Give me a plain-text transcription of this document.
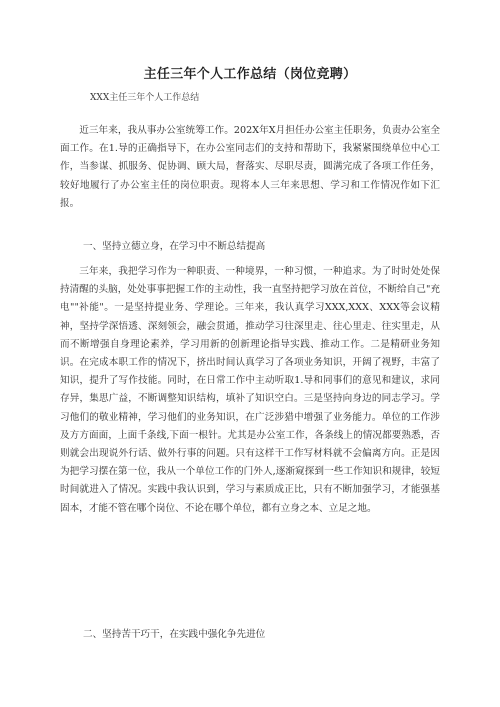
主任三年个人工作总结（岗位竞聘）
XXX主任三年个人工作总结

近三年来，我从事办公室统筹工作。202X年X月担任办公室主任职务，负责办公室全面工作。在1.导的正确指导下，在办公室同志们的支持和帮助下，我紧紧围绕单位中心工作，当参谋、抓服务、促协调、顾大局，督落实、尽职尽责，圆满完成了各项工作任务，较好地履行了办公室主任的岗位职责。现将本人三年来思想、学习和工作情况作如下汇报。

一、坚持立德立身，在学习中不断总结提高

三年来，我把学习作为一种职责、一种境界，一种习惯，一种追求。为了时时处处保持清醒的头脑，处处事事把握工作的主动性，我一直坚持把学习放在首位，不断给自己"充电""补能"。一是坚持提业务、学理论。三年来，我认真学习XXX,XXX、XXX等会议精神，坚持学深悟透、深刻领会，融会贯通，推动学习往深里走、往心里走、往实里走，从而不断增强自身理论素养，学习用新的创新理论指导实践、推动工作。二是精研业务知识。在完成本职工作的情况下，挤出时间认真学习了各项业务知识，开阔了视野，丰富了知识，提升了写作技能。同时，在日常工作中主动听取1.导和同事们的意见和建议，求同存异，集思广益，不断调整知识结构，填补了知识空白。三是坚持向身边的同志学习。学习他们的敬业精神，学习他们的业务知识，在广泛涉猎中增强了业务能力。单位的工作涉及方方面面，上面千条线,下面一根针。尤其是办公室工作，各条线上的情况都要熟悉，否则就会出现说外行话、做外行事的问题。只有这样干工作写材料就不会偏离方向。正是因为把学习摆在第一位，我从一个单位工作的门外人,逐渐窥探到一些工作知识和规律，较短时间就进入了情况。实践中我认识到，学习与素质成正比，只有不断加强学习，才能强基固本，才能不管在哪个岗位、不论在哪个单位，都有立身之本、立足之地。

二、坚持苦干巧干，在实践中强化争先进位
